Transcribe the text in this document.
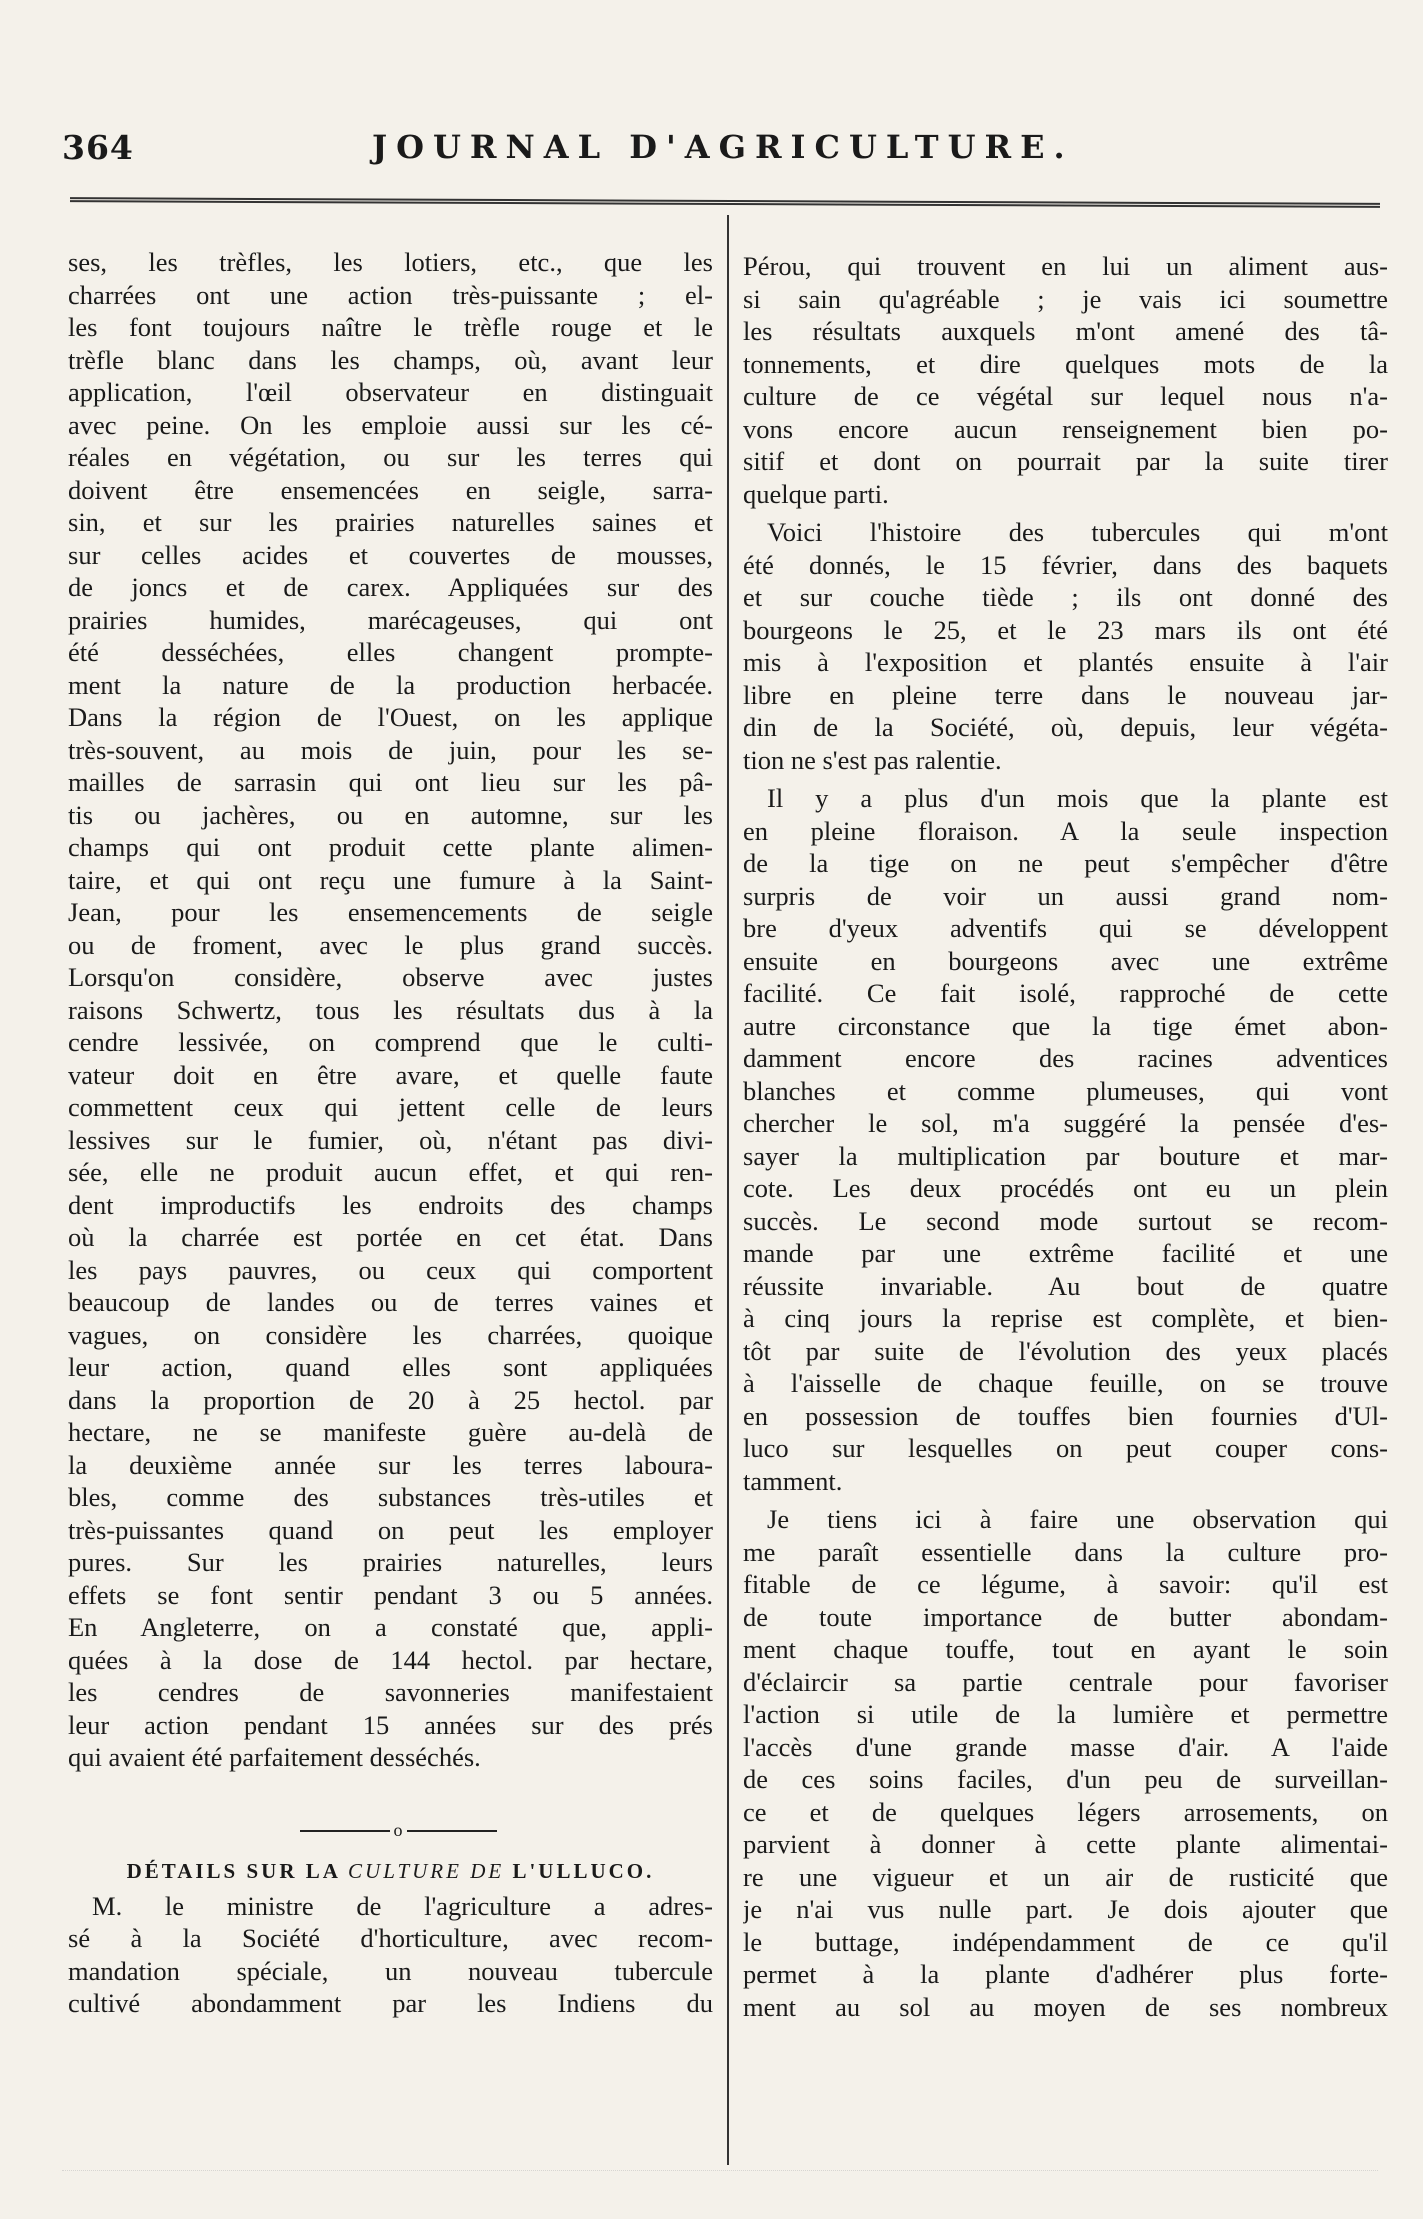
364	JOURNAL D'AGRICULTURE.
ses, les trèfles, les lotiers, etc., que les
charrées ont une action très-puissante ; el-
les font toujours naître le trèfle rouge et le
trèfle blanc dans les champs, où, avant leur
application, l'œil observateur en distinguait
avec peine. On les emploie aussi sur les cé-
réales en végétation, ou sur les terres qui
doivent être ensemencées en seigle, sarra-
sin, et sur les prairies naturelles saines et
sur celles acides et couvertes de mousses,
de joncs et de carex. Appliquées sur des
prairies humides, marécageuses, qui ont
été desséchées, elles changent prompte-
ment la nature de la production herbacée.
Dans la région de l'Ouest, on les applique
très-souvent, au mois de juin, pour les se-
mailles de sarrasin qui ont lieu sur les pâ-
tis ou jachères, ou en automne, sur les
champs qui ont produit cette plante alimen-
taire, et qui ont reçu une fumure à la Saint-
Jean, pour les ensemencements de seigle
ou de froment, avec le plus grand succès.
Lorsqu'on considère, observe avec justes
raisons Schwertz, tous les résultats dus à la
cendre lessivée, on comprend que le culti-
vateur doit en être avare, et quelle faute
commettent ceux qui jettent celle de leurs
lessives sur le fumier, où, n'étant pas divi-
sée, elle ne produit aucun effet, et qui ren-
dent improductifs les endroits des champs
où la charrée est portée en cet état. Dans
les pays pauvres, ou ceux qui comportent
beaucoup de landes ou de terres vaines et
vagues, on considère les charrées, quoique
leur action, quand elles sont appliquées
dans la proportion de 20 à 25 hectol. par
hectare, ne se manifeste guère au-delà de
la deuxième année sur les terres labourа-
bles, comme des substances très-utiles et
très-puissantes quand on peut les employer
pures. Sur les prairies naturelles, leurs
effets se font sentir pendant 3 ou 5 années.
En Angleterre, on a constaté que, appli-
quées à la dose de 144 hectol. par hectare,
les cendres de savonneries manifestaient
leur action pendant 15 années sur des prés
qui avaient été parfaitement desséchés.
o
DÉTAILS SUR LA CULTURE DE L'ULLUCO.
M. le ministre de l'agriculture a adres-
sé à la Société d'horticulture, avec recom-
mandation spéciale, un nouveau tubercule
cultivé abondamment par les Indiens du
Pérou, qui trouvent en lui un aliment aus-
si sain qu'agréable ; je vais ici soumettre
les résultats auxquels m'ont amené des tâ-
tonnements, et dire quelques mots de la
culture de ce végétal sur lequel nous n'a-
vons encore aucun renseignement bien po-
sitif et dont on pourrait par la suite tirer
quelque parti.
Voici l'histoire des tubercules qui m'ont
été donnés, le 15 février, dans des baquets
et sur couche tiède ; ils ont donné des
bourgeons le 25, et le 23 mars ils ont été
mis à l'exposition et plantés ensuite à l'air
libre en pleine terre dans le nouveau jar-
din de la Société, où, depuis, leur végéta-
tion ne s'est pas ralentie.
Il y a plus d'un mois que la plante est
en pleine floraison. A la seule inspection
de la tige on ne peut s'empêcher d'être
surpris de voir un aussi grand nom-
bre d'yeux adventifs qui se développent
ensuite en bourgeons avec une extrême
facilité. Ce fait isolé, rapproché de cette
autre circonstance que la tige émet abon-
damment encore des racines adventices
blanches et comme plumeuses, qui vont
chercher le sol, m'a suggéré la pensée d'es-
sayer la multiplication par bouture et mar-
cote. Les deux procédés ont eu un plein
succès. Le second mode surtout se recom-
mande par une extrême facilité et une
réussite invariable. Au bout de quatre
à cinq jours la reprise est complète, et bien-
tôt par suite de l'évolution des yeux placés
à l'aisselle de chaque feuille, on se trouve
en possession de touffes bien fournies d'Ul-
luco sur lesquelles on peut couper cons-
tamment.
Je tiens ici à faire une observation qui
me paraît essentielle dans la culture pro-
fitable de ce légume, à savoir: qu'il est
de toute importance de butter abondam-
ment chaque touffe, tout en ayant le soin
d'éclaircir sa partie centrale pour favoriser
l'action si utile de la lumière et permettre
l'accès d'une grande masse d'air. A l'aide
de ces soins faciles, d'un peu de surveillan-
ce et de quelques légers arrosements, on
parvient à donner à cette plante alimentai-
re une vigueur et un air de rusticité que
je n'ai vus nulle part. Je dois ajouter que
le buttage, indépendamment de ce qu'il
permet à la plante d'adhérer plus forte-
ment au sol au moyen de ses nombreux
